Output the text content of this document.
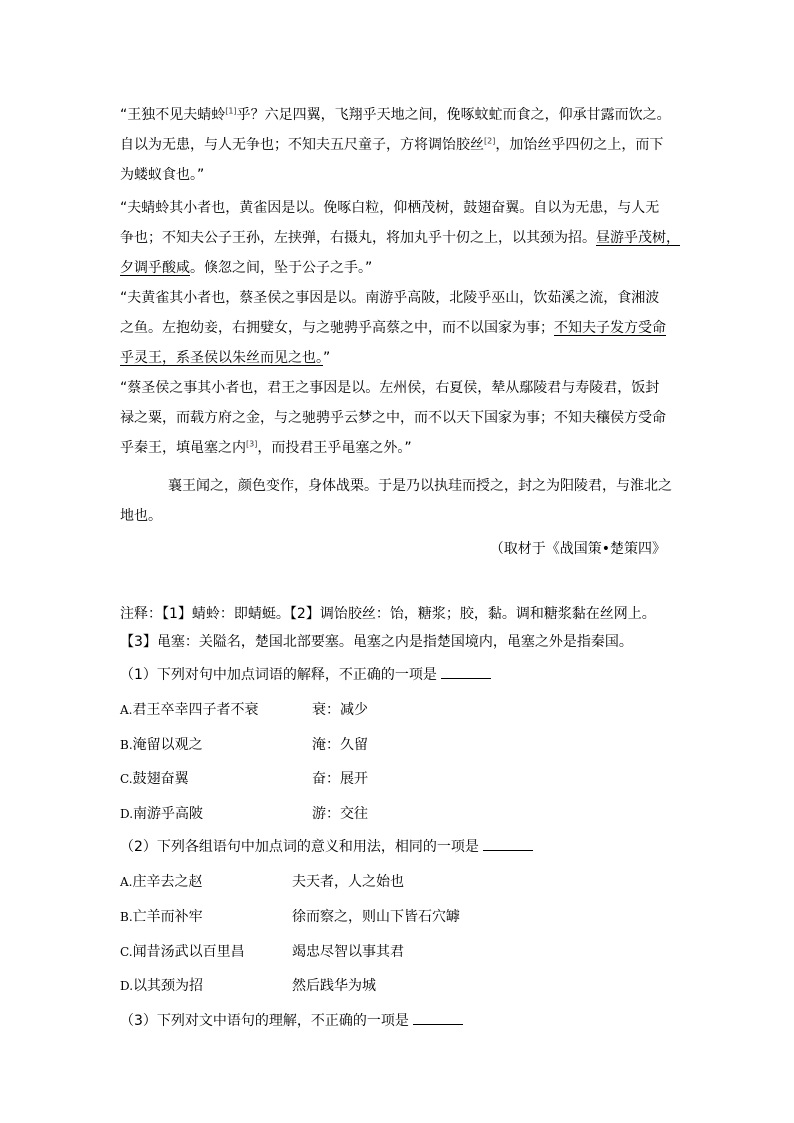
“王独不见夫蜻蛉[1]乎？六足四翼，飞翔乎天地之间，俛啄蚊虻而食之，仰承甘露而饮之。
自以为无患，与人无争也；不知夫五尺童子，方将调饴胶丝[2]，加饴丝乎四仞之上，而下
为蝼蚁食也。”
“夫蜻蛉其小者也，黄雀因是以。俛啄白粒，仰栖茂树，鼓翅奋翼。自以为无患，与人无
争也；不知夫公子王孙，左挟弹，右摄丸，将加丸乎十仞之上，以其颈为招。昼游乎茂树，
夕调乎酸咸。倏忽之间，坠于公子之手。”
“夫黄雀其小者也，蔡圣侯之事因是以。南游乎高陂，北陵乎巫山，饮茹溪之流，食湘波
之鱼。左抱幼妾，右拥嬖女，与之驰骋乎高蔡之中，而不以国家为事；不知夫子发方受命
乎灵王，系圣侯以朱丝而见之也。”
“蔡圣侯之事其小者也，君王之事因是以。左州侯，右夏侯，辇从鄢陵君与寿陵君，饭封
禄之粟，而载方府之金，与之驰骋乎云梦之中，而不以天下国家为事；不知夫穰侯方受命
乎秦王，填黾塞之内[3]，而投君王乎黾塞之外。”
襄王闻之，颜色变作，身体战栗。于是乃以执珪而授之，封之为阳陵君，与淮北之
地也。
（取材于《战国策•楚策四》
注释：【1】蜻蛉：即蜻蜓。【2】调饴胶丝：饴，糖浆；胶，黏。调和糖浆黏在丝网上。
【3】黾塞：关隘名，楚国北部要塞。黾塞之内是指楚国境内，黾塞之外是指秦国。
（1）下列对句中加点词语的解释，不正确的一项是
A.君王卒幸四子者不衰	衰：减少
B.淹留以观之	淹：久留
C.鼓翅奋翼	奋：展开
D.南游乎高陂	游：交往
（2）下列各组语句中加点词的意义和用法，相同的一项是
A.庄辛去之赵	夫天者，人之始也
B.亡羊而补牢	徐而察之，则山下皆石穴罅
C.闻昔汤武以百里昌	竭忠尽智以事其君
D.以其颈为招	然后践华为城
（3）下列对文中语句的理解，不正确的一项是
